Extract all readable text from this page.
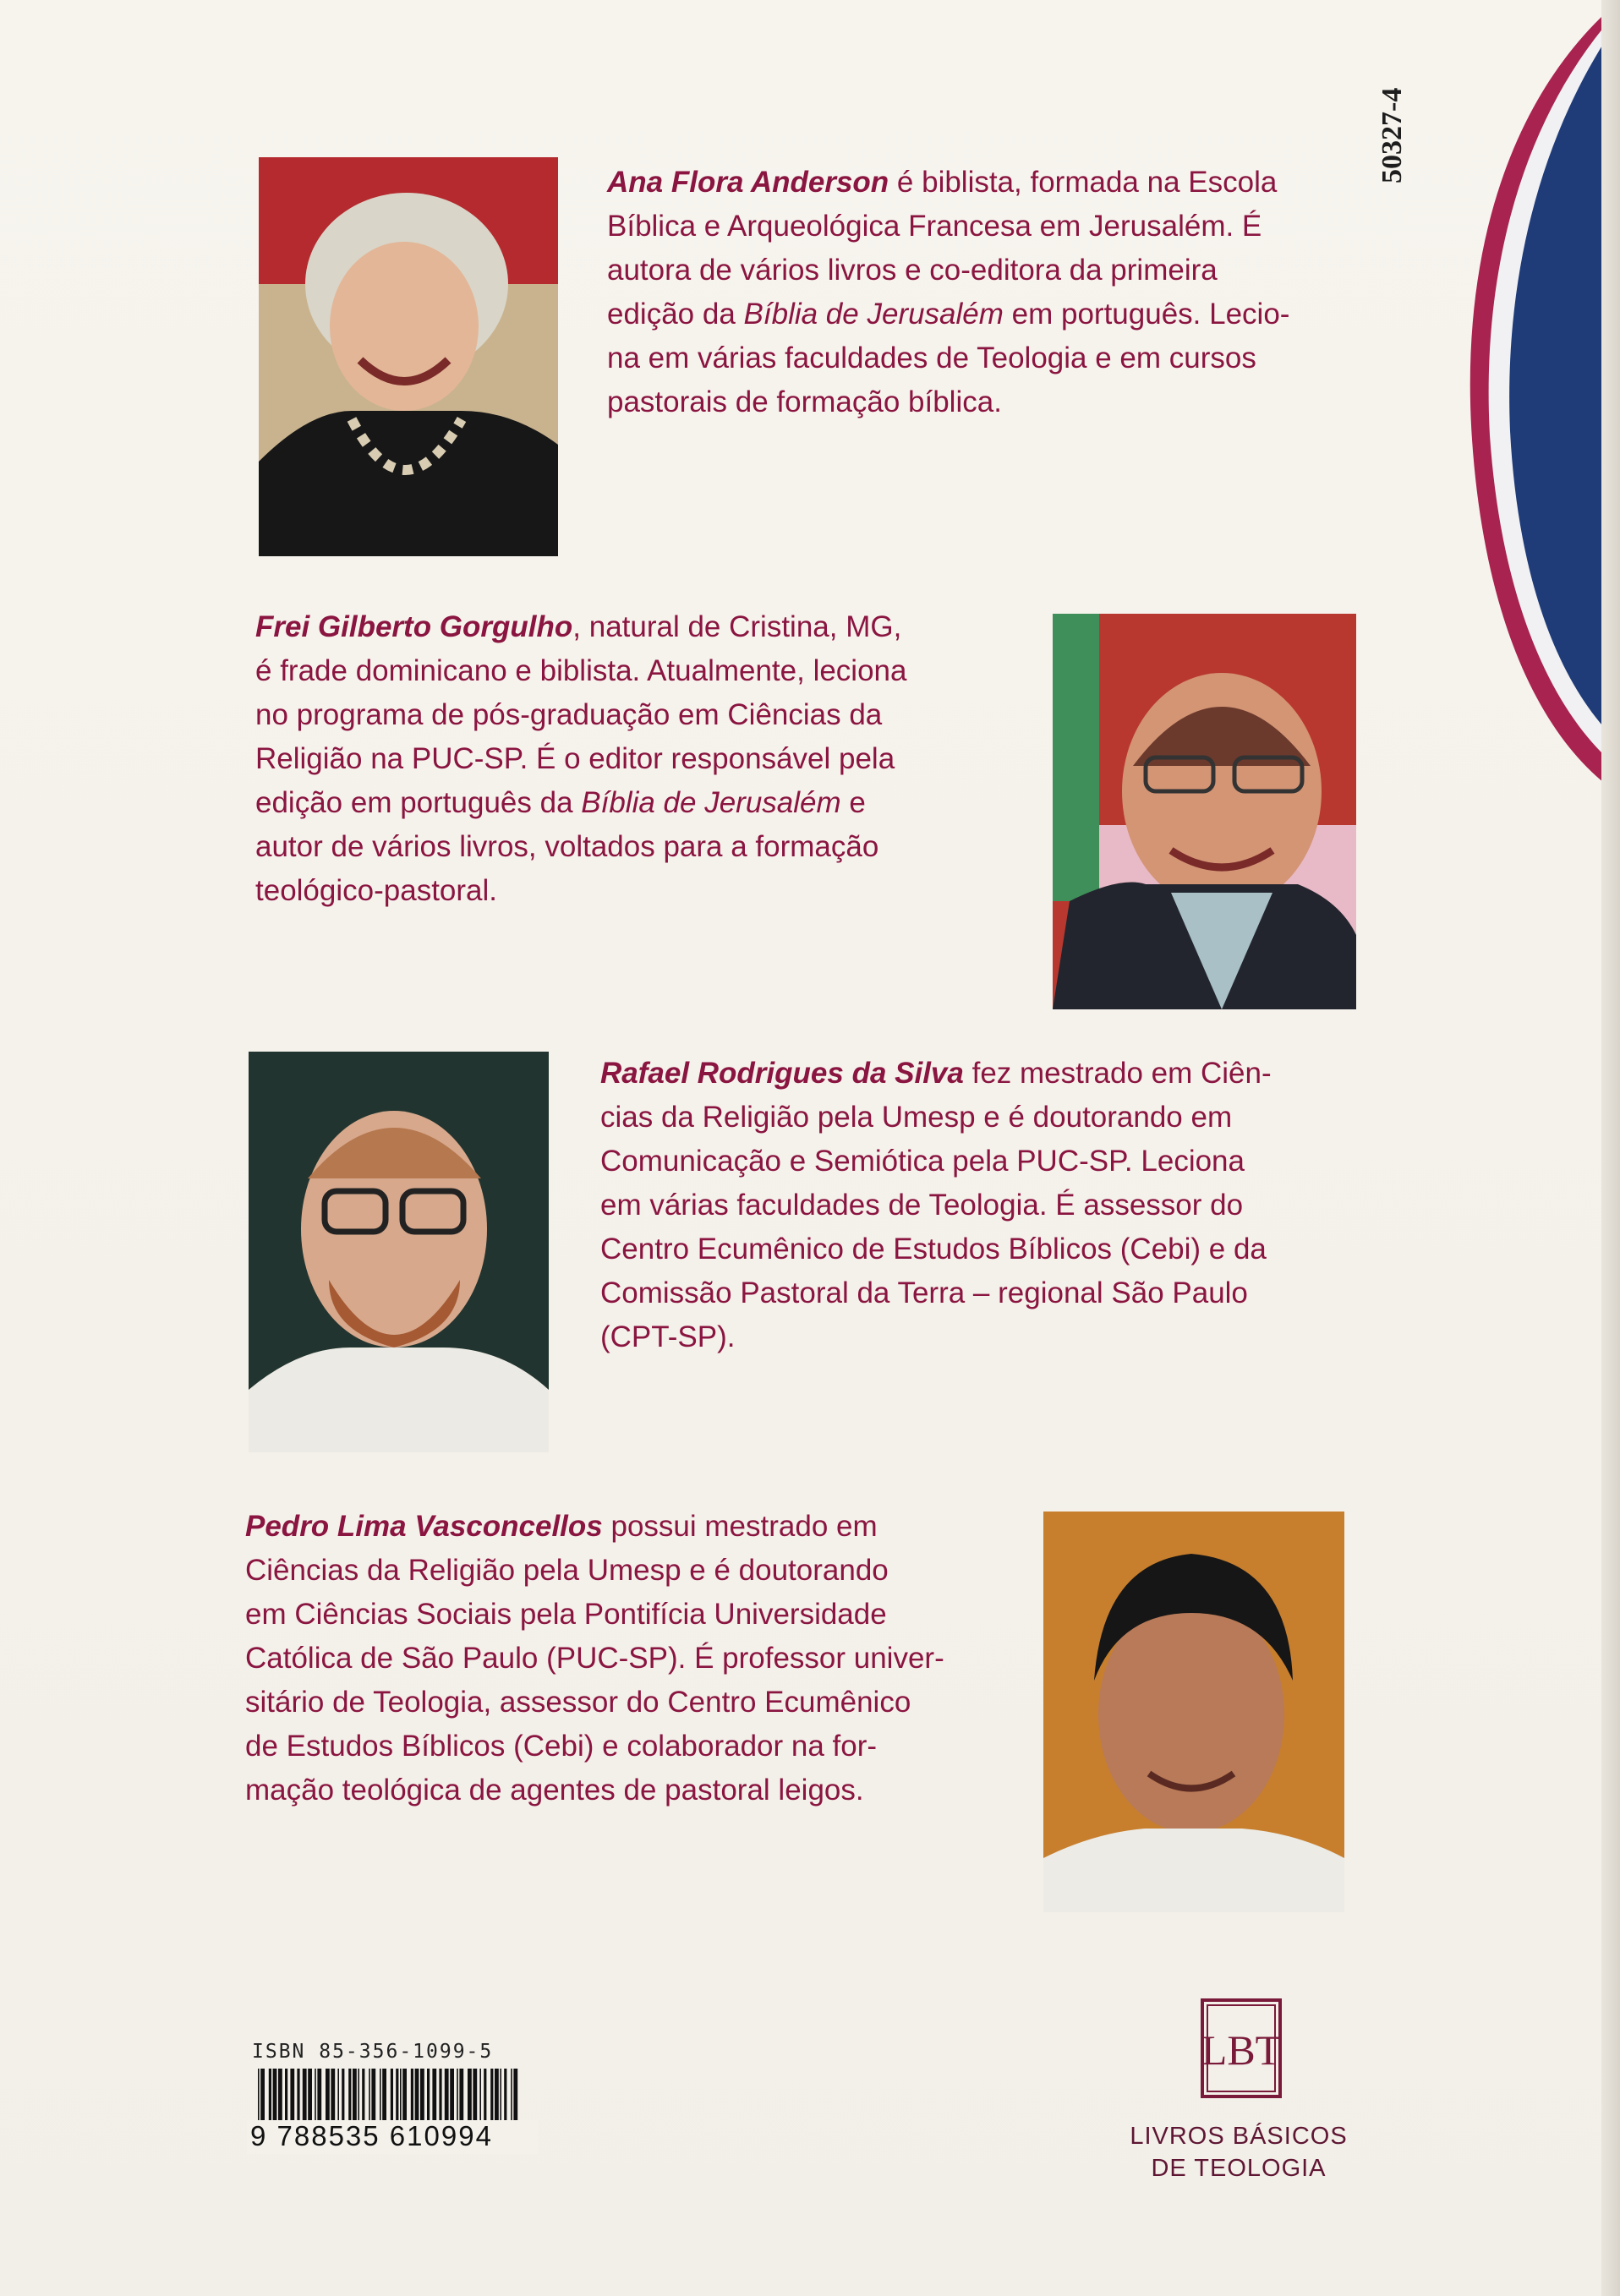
50327-4

Ana Flora Anderson é biblista, formada na Escola
Bíblica e Arqueológica Francesa em Jerusalém. É
autora de vários livros e co-editora da primeira
edição da Bíblia de Jerusalém em português. Lecio-
na em várias faculdades de Teologia e em cursos
pastorais de formação bíblica.

Frei Gilberto Gorgulho, natural de Cristina, MG,
é frade dominicano e biblista. Atualmente, leciona
no programa de pós-graduação em Ciências da
Religião na PUC-SP. É o editor responsável pela
edição em português da Bíblia de Jerusalém e
autor de vários livros, voltados para a formação
teológico-pastoral.

Rafael Rodrigues da Silva fez mestrado em Ciên-
cias da Religião pela Umesp e é doutorando em
Comunicação e Semiótica pela PUC-SP. Leciona
em várias faculdades de Teologia. É assessor do
Centro Ecumênico de Estudos Bíblicos (Cebi) e da
Comissão Pastoral da Terra – regional São Paulo
(CPT-SP).

Pedro Lima Vasconcellos possui mestrado em
Ciências da Religião pela Umesp e é doutorando
em Ciências Sociais pela Pontifícia Universidade
Católica de São Paulo (PUC-SP). É professor univer-
sitário de Teologia, assessor do Centro Ecumênico
de Estudos Bíblicos (Cebi) e colaborador na for-
mação teológica de agentes de pastoral leigos.

ISBN 85-356-1099-5
9 788535 610994
LBT
LIVROS BÁSICOS
DE TEOLOGIA
